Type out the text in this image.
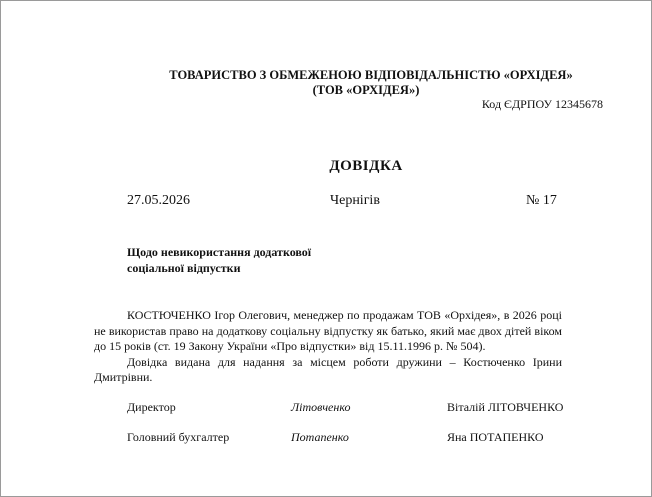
ТОВАРИСТВО З ОБМЕЖЕНОЮ ВІДПОВІДАЛЬНІСТЮ «ОРХІДЕЯ»
(ТОВ «ОРХІДЕЯ»)
Код ЄДРПОУ 12345678
ДОВІДКА
27.05.2026	Чернігів	№ 17
Щодо невикористання додаткової
соціальної відпустки

КОСТЮЧЕНКО Ігор Олегович, менеджер по продажам ТОВ «Орхідея», в 2026 році не використав право на додаткову соціальну відпустку як батько, який має двох дітей віком до 15 років (ст. 19 Закону України «Про відпустки» від 15.11.1996 р. № 504).

Довідка видана для надання за місцем роботи дружини – Костюченко Ірини Дмитрівни.

Директор	Літовченко	Віталій ЛІТОВЧЕНКО
Головний бухгалтер	Потапенко	Яна ПОТАПЕНКО
